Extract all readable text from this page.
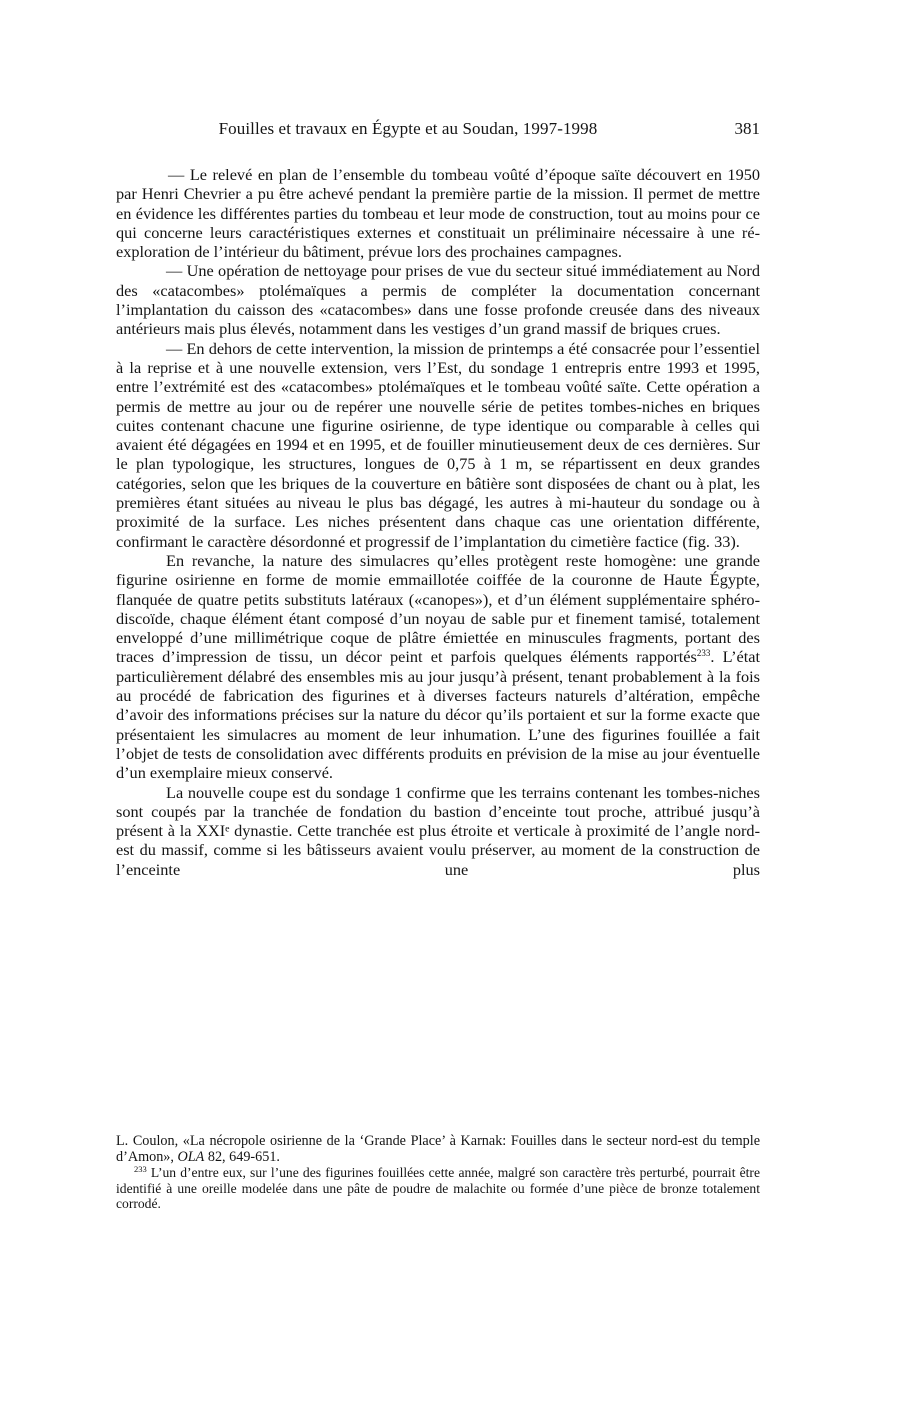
Fouilles et travaux en Égypte et au Soudan, 1997-1998	381

— Le relevé en plan de l’ensemble du tombeau voûté d’époque saïte découvert en 1950 par Henri Chevrier a pu être achevé pendant la première partie de la mission. Il permet de mettre en évidence les différentes parties du tombeau et leur mode de construction, tout au moins pour ce qui concerne leurs caractéristiques externes et constituait un préliminaire nécessaire à une ré-exploration de l’intérieur du bâtiment, prévue lors des prochaines campagnes.

— Une opération de nettoyage pour prises de vue du secteur situé immédiatement au Nord des «catacombes» ptolémaïques a permis de compléter la documentation concernant l’implantation du caisson des «catacombes» dans une fosse profonde creusée dans des niveaux antérieurs mais plus élevés, notamment dans les vestiges d’un grand massif de briques crues.

— En dehors de cette intervention, la mission de printemps a été consacrée pour l’essentiel à la reprise et à une nouvelle extension, vers l’Est, du sondage 1 entrepris entre 1993 et 1995, entre l’extrémité est des «catacombes» ptolémaïques et le tombeau voûté saïte. Cette opération a permis de mettre au jour ou de repérer une nouvelle série de petites tombes-niches en briques cuites contenant chacune une figurine osirienne, de type identique ou comparable à celles qui avaient été dégagées en 1994 et en 1995, et de fouiller minutieusement deux de ces dernières. Sur le plan typologique, les structures, longues de 0,75 à 1 m, se répartissent en deux grandes catégories, selon que les briques de la couverture en bâtière sont disposées de chant ou à plat, les premières étant situées au niveau le plus bas dégagé, les autres à mi-hauteur du sondage ou à proximité de la surface. Les niches présentent dans chaque cas une orientation différente, confirmant le caractère désordonné et progressif de l’implantation du cimetière factice (fig. 33).

En revanche, la nature des simulacres qu’elles protègent reste homogène: une grande figurine osirienne en forme de momie emmaillotée coiffée de la couronne de Haute Égypte, flanquée de quatre petits substituts latéraux («canopes»), et d’un élément supplémentaire sphéro-discoïde, chaque élément étant composé d’un noyau de sable pur et finement tamisé, totalement enveloppé d’une millimétrique coque de plâtre émiettée en minuscules fragments, portant des traces d’impression de tissu, un décor peint et parfois quelques éléments rapportés$^{233}$. L’état particulièrement délabré des ensembles mis au jour jusqu’à présent, tenant probablement à la fois au procédé de fabrication des figurines et à diverses facteurs naturels d’altération, empêche d’avoir des informations précises sur la nature du décor qu’ils portaient et sur la forme exacte que présentaient les simulacres au moment de leur inhumation. L’une des figurines fouillée a fait l’objet de tests de consolidation avec différents produits en prévision de la mise au jour éventuelle d’un exemplaire mieux conservé.

La nouvelle coupe est du sondage 1 confirme que les terrains contenant les tombes-niches sont coupés par la tranchée de fondation du bastion d’enceinte tout proche, attribué jusqu’à présent à la XXIᵉ dynastie. Cette tranchée est plus étroite et verticale à proximité de l’angle nord-est du massif, comme si les bâtisseurs avaient voulu préserver, au moment de la construction de l’enceinte une plus

L. Coulon, «La nécropole osirienne de la ‘Grande Place’ à Karnak: Fouilles dans le secteur nord-est du temple d’Amon», OLA 82, 649-651.

$^{233}$ L’un d’entre eux, sur l’une des figurines fouillées cette année, malgré son caractère très perturbé, pourrait être identifié à une oreille modelée dans une pâte de poudre de malachite ou formée d’une pièce de bronze totalement corrodé.
